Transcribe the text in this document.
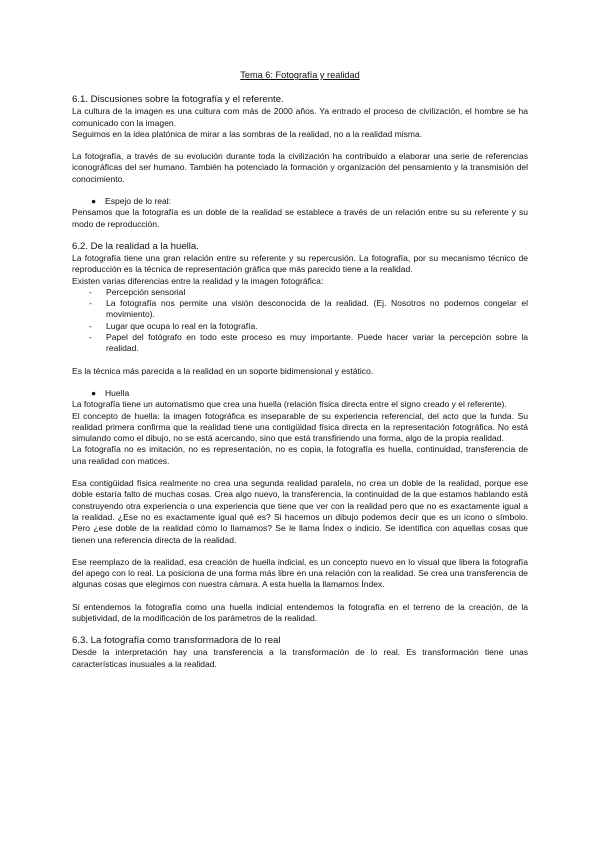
Tema 6: Fotografía y realidad
6.1. Discusiones sobre la fotografía y el referente.

La cultura de la imagen es una cultura com más de 2000 años. Ya entrado el proceso de civilización, el hombre se ha comunicado con la imagen.

Seguimos en la idea platónica de mirar a las sombras de la realidad, no a la realidad misma.

La fotografía, a través de su evolución durante toda la civilización ha contribuido a elaborar una serie de referencias iconográficas del ser humano. También ha potenciado la formación y organización del pensamiento y la transmisión del conocimiento.

●	Espejo de lo real:

Pensamos que la fotografía es un doble de la realidad se establece a través de un relación entre su su referente y su modo de reproducción.

6.2. De la realidad a la huella.

La fotografía tiene una gran relación entre su referente y su repercusión. La fotografía, por su mecanismo técnico de reproducción es la técnica de representación gráfica que más parecido tiene a la realidad.

Existen varias diferencias entre la realidad y la imagen fotográfica:

-	Percepción sensorial
-	La fotografía nos permite una visión desconocida de la realidad. (Ej. Nosotros no podemos congelar el movimiento).
-	Lugar que ocupa lo real en la fotografía.
-	Papel del fotógrafo en todo este proceso es muy importante. Puede hacer variar la percepción sobre la realidad.

Es la técnica más parecida a la realidad en un soporte bidimensional y estático.

●	Huella

La fotografía tiene un automatismo que crea una huella (relación física directa entre el signo creado y el referente).

El concepto de huella: la imagen fotográfica es inseparable de su experiencia referencial, del acto que la funda. Su realidad primera confirma que la realidad tiene una contigüidad física directa en la representación fotográfica. No está simulando como el dibujo, no se está acercando, sino que está transfiriendo una forma, algo de la propia realidad.

La fotografía no es imitación, no es representación, no es copia, la fotografía es huella, continuidad, transferencia de una realidad con matices.

Esa contigüidad física realmente no crea una segunda realidad paralela, no crea un doble de la realidad, porque ese doble estaría falto de muchas cosas. Crea algo nuevo, la transferencia, la continuidad de la que estamos hablando está construyendo otra experiencia o una experiencia que tiene que ver con la realidad pero que no es exactamente igual a la realidad. ¿Ese no es exactamente igual qué es? Si hacemos un dibujo podemos decir que es un icono o símbolo. Pero ¿ese doble de la realidad cómo lo llamamos? Se le llama Índex o indicio. Se identifica con aquellas cosas que tienen una referencia directa de la realidad.

Ese reemplazo de la realidad, esa creación de huella indicial, es un concepto nuevo en lo visual que libera la fotografía del apego con lo real. La posiciona de una forma más libre en una relación con la realidad. Se crea una transferencia de algunas cosas que elegimos con nuestra cámara. A esta huella la llamamos Índex.

Si entendemos la fotografía como una huella indicial entendemos la fotografía en el terreno de la creación, de la subjetividad, de la modificación de los parámetros de la realidad.

6.3. La fotografía como transformadora de lo real

Desde la interpretación hay una transferencia a la transformación de lo real. Es transformación tiene unas características inusuales a la realidad.
